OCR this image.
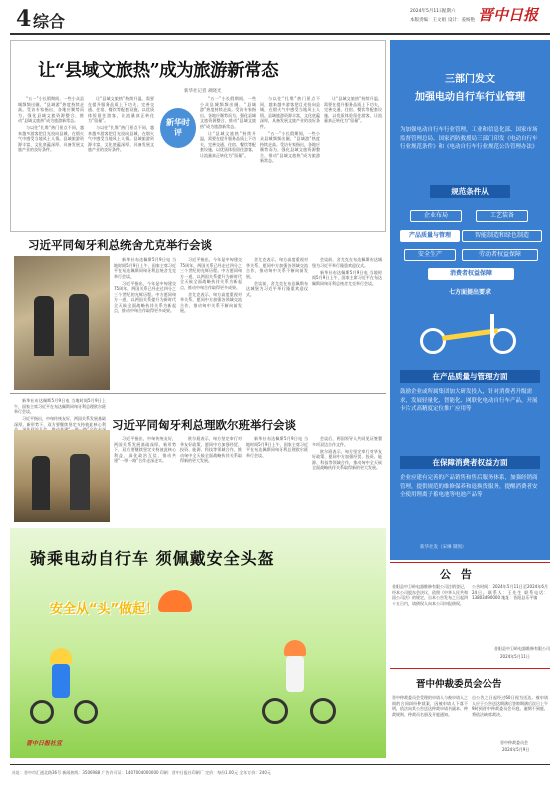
4 综合
2024年5月11日
星期六
本版责编：王文娟 设计：姜杨艳 晋中日报
让“县域文旅热”成为旅游新常态
新华社记者 胡晓光
新华时评

“五一”小长假期间，一些小众县城频频出圈，“县域游”热度持续走高。受访专家指出，各地应顺势而为，强化县域文旅资源整合，推动“县域文旅热”成为旅游新常态。

与以往“扎堆”热门景点不同，越来越多游客把目光投向县城，在烟火气中感受当地风土人情。县域旅游资源丰富，文化底蕴深厚，具备发展文旅产业的良好条件。

让“县域文旅热”持续升温，需要在提升服务品质上下功夫，完善交通、住宿、餐饮等配套设施，以优质体验留住游客，让流量真正转化为“留量”。

与以往“扎堆”热门景点不同，越来越多游客把目光投向县城，在烟火气中感受当地风土人情。县域旅游资源丰富，文化底蕴深厚，具备发展文旅产业的良好条件。

“五一”小长假期间，一些小众县城频频出圈，“县域游”热度持续走高。受访专家指出，各地应顺势而为，强化县域文旅资源整合，推动“县域文旅热”成为旅游新常态。

让“县域文旅热”持续升温，需要在提升服务品质上下功夫，完善交通、住宿、餐饮等配套设施，以优质体验留住游客，让流量真正转化为“留量”。

与以往“扎堆”热门景点不同，越来越多游客把目光投向县城，在烟火气中感受当地风土人情。县域旅游资源丰富，文化底蕴深厚，具备发展文旅产业的良好条件。

“五一”小长假期间，一些小众县城频频出圈，“县域游”热度持续走高。受访专家指出，各地应顺势而为，强化县域文旅资源整合，推动“县域文旅热”成为旅游新常态。

让“县域文旅热”持续升温，需要在提升服务品质上下功夫，完善交通、住宿、餐饮等配套设施，以优质体验留住游客，让流量真正转化为“留量”。

习近平同匈牙利总统舍尤克举行会谈

新华社布达佩斯5月9日电 当地时间5月9日上午，国家主席习近平在布达佩斯同匈牙利总统舍尤克举行会谈。

习近平指出，今年是中匈建交75周年，两国关系已经走过四分之三个世纪的光辉历程。中方愿同匈方一道，以两国关系提升为新时代全天候全面战略伙伴关系为新起点，推动中匈合作取得更多成果。

习近平指出，今年是中匈建交75周年，两国关系已经走过四分之三个世纪的光辉历程。中方愿同匈方一道，以两国关系提升为新时代全天候全面战略伙伴关系为新起点，推动中匈合作取得更多成果。

舍尤克表示，匈方高度重视对华关系，愿同中方加强各领域交流合作，推动匈中关系不断向前发展。

舍尤克表示，匈方高度重视对华关系，愿同中方加强各领域交流合作，推动匈中关系不断向前发展。

会谈前，舍尤克在布达佩斯布达城堡为习近平举行隆重欢迎仪式。

会谈前，舍尤克在布达佩斯布达城堡为习近平举行隆重欢迎仪式。

新华社布达佩斯5月9日电 当地时间5月9日上午，国家主席习近平在布达佩斯同匈牙利总统舍尤克举行会谈。

习近平同匈牙利总理欧尔班举行会谈

新华社布达佩斯5月9日电 当地时间5月9日上午，国家主席习近平在布达佩斯同匈牙利总理欧尔班举行会谈。

习近平指出，中匈传统友好，两国关系发展基础深厚。新形势下，双方要继续坚定支持彼此核心利

习近平指出，中匈传统友好，两国关系发展基础深厚。新形势下，双方要继续坚定支持彼此核心利益，深化政治互信，推动共建“一带一路”合作走深走实。

欧尔班表示，匈方坚定奉行对华友好政策，愿同中方加强经贸、投资、能源、科技等领域合作，推动匈中全天候全面战略伙伴关系取得新的更大发展。

新华社布达佩斯5月9日电 当地时间5月9日上午，国家主席习近平在布达佩斯同匈牙利总理欧尔班举行会谈。

会谈后，两国领导人共同见证签署多项双边合作文件。

欧尔班表示，匈方坚定奉行对华友好政策，愿同中方加强经贸、投资、能源、科技等领域合作，推动匈中全天候全面战略伙伴关系取得新的更大发展。

三部门发文
加强电动自行车行业管理
为加强电动自行车行业管理，工业和信息化部、国家市场监督管理总局、国家消防救援局三部门印发《电动自行车行业规范条件》和《电动自行车行业规范公告管理办法》
规范条件从
企业布局	工艺装备
产品质量与管理	智能制造和绿色制造
安全生产	劳动者权益保障
消费者权益保障
七方面提出要求
在产品质量与管理方面
鼓励企业或所属集团加大研发投入，针对消费者升级需求，发展轻量化、智能化、网联化电动自行车产品，开展卡片式高精度定位推广应用等
在保障消费者权益方面
企业应建有完善的产品销售和售后服务体系，加强经销商管理，提供规范的维修保养和退换货服务，提醒消费者安全使用锂离子蓄电池等电池产品等
新华社发（宋琳 制图）
骑乘电动自行车 须佩戴安全头盔
安全从“头”做起！
晋中日报社宣
公 告
昔阳县中卫岭电器维修有限公司注销登记，经本公司股东会决议，依照《中华人民共和国公司法》的规定，自本公告发布之日起四十五日内，请债权人向本公司申报债权。
公告时间：2024年5月11日至2024年6月24日。联系人：王先生 联系电话：13803490000 地址：昔阳县乐平镇
昔阳县中卫岭电器维修有限公司
2024年5月11日
晋中仲裁委员会公告
晋中仲裁委员会受理的申请人与被申请人之间的合同纠纷仲裁案，因被申请人下落不明，依法向其公告送达仲裁申请书副本、仲裁规则、仲裁员名册及开庭通知。
自公告之日起经过60日视为送达。被申请人应于公告送达期满后答辩期满后次日上午9时到晋中仲裁委员会开庭。逾期不到庭，将依法缺席裁决。
晋中仲裁委员会
2024年5月9日
社址：晋中市汇通北路36号 新闻热线：3506988 广告许可证：1407004000000 印刷：晋中日报社印刷厂 定价：每份1.00元 全年订价：240元
